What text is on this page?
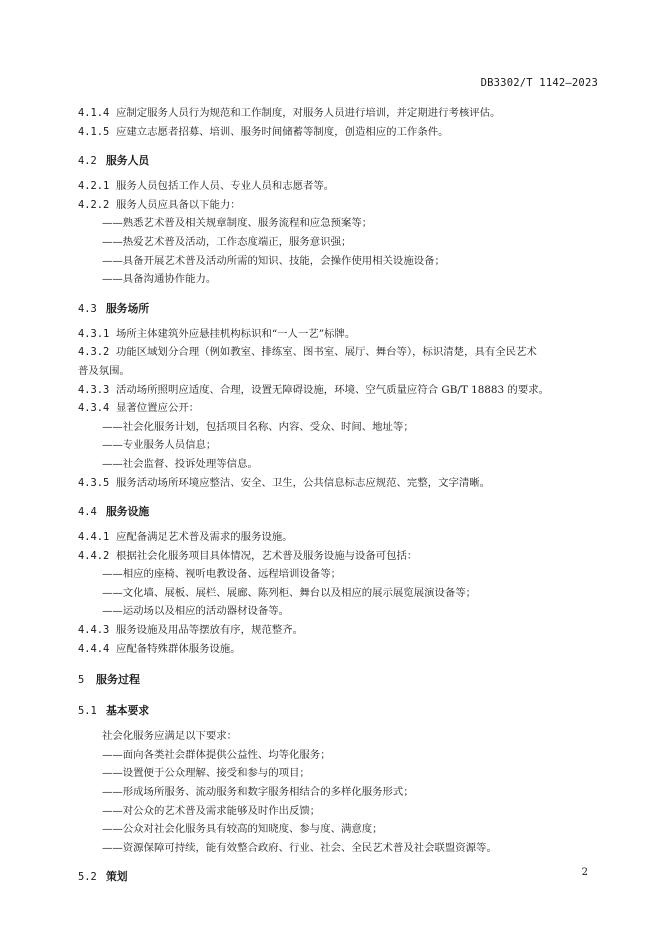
DB3302/T 1142—2023
4.1.4 应制定服务人员行为规范和工作制度，对服务人员进行培训，并定期进行考核评估。
4.1.5 应建立志愿者招募、培训、服务时间储蓄等制度，创造相应的工作条件。
4.2 服务人员
4.2.1 服务人员包括工作人员、专业人员和志愿者等。
4.2.2 服务人员应具备以下能力：
——熟悉艺术普及相关规章制度、服务流程和应急预案等；
——热爱艺术普及活动，工作态度端正，服务意识强；
——具备开展艺术普及活动所需的知识、技能，会操作使用相关设施设备；
——具备沟通协作能力。
4.3 服务场所
4.3.1 场所主体建筑外应悬挂机构标识和“一人一艺”标牌。
4.3.2 功能区域划分合理（例如教室、排练室、图书室、展厅、舞台等），标识清楚，具有全民艺术
普及氛围。
4.3.3 活动场所照明应适度、合理，设置无障碍设施，环境、空气质量应符合 GB/T 18883 的要求。
4.3.4 显著位置应公开：
——社会化服务计划，包括项目名称、内容、受众、时间、地址等；
——专业服务人员信息；
——社会监督、投诉处理等信息。
4.3.5 服务活动场所环境应整洁、安全、卫生，公共信息标志应规范、完整，文字清晰。
4.4 服务设施
4.4.1 应配备满足艺术普及需求的服务设施。
4.4.2 根据社会化服务项目具体情况，艺术普及服务设施与设备可包括：
——相应的座椅、视听电教设备、远程培训设备等；
——文化墙、展板、展栏、展廊、陈列柜、舞台以及相应的展示展览展演设备等；
——运动场以及相应的活动器材设备等。
4.4.3 服务设施及用品等摆放有序，规范整齐。
4.4.4 应配备特殊群体服务设施。
5 服务过程
5.1 基本要求
社会化服务应满足以下要求：
——面向各类社会群体提供公益性、均等化服务；
——设置便于公众理解、接受和参与的项目；
——形成场所服务、流动服务和数字服务相结合的多样化服务形式；
——对公众的艺术普及需求能够及时作出反馈；
——公众对社会化服务具有较高的知晓度、参与度、满意度；
——资源保障可持续，能有效整合政府、行业、社会、全民艺术普及社会联盟资源等。
5.2 策划	2
